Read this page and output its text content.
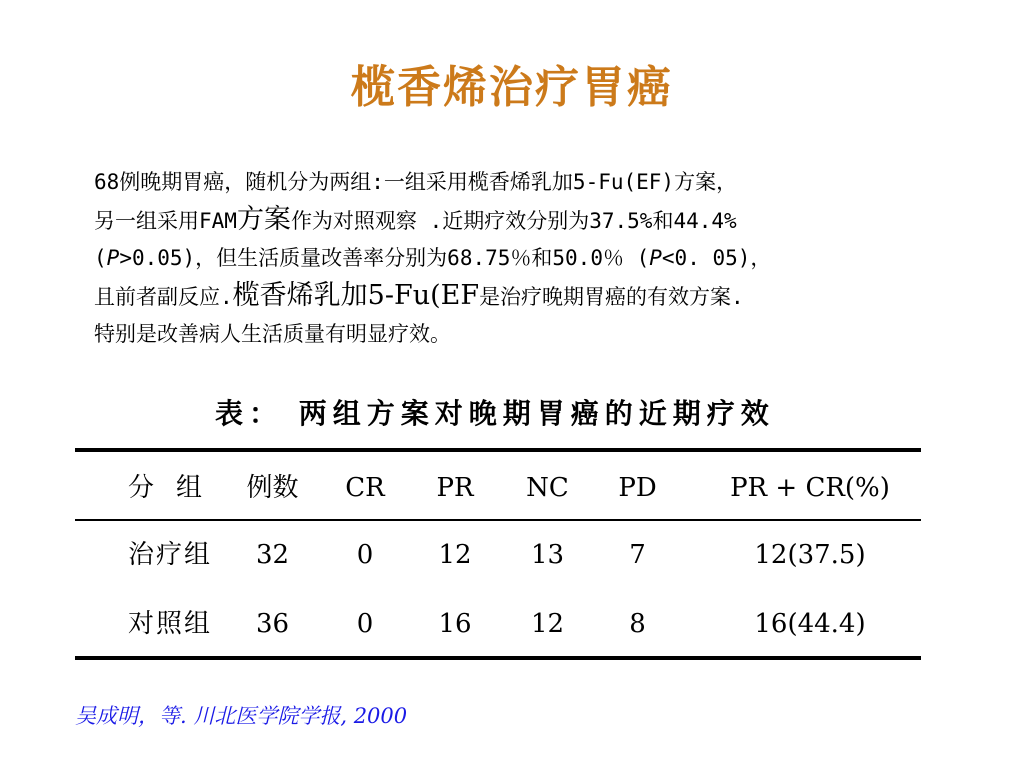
榄香烯治疗胃癌
68例晚期胃癌，随机分为两组:一组采用榄香烯乳加5-Fu(EF)方案，
另一组采用FAM方案作为对照观察 .近期疗效分别为37.5%和44.4%
(P>0.05)，但生活质量改善率分别为68.75％和50.0％ (P<0. 05)，
且前者副反应.榄香烯乳加5-Fu(EF是治疗晚期胃癌的有效方案.
特别是改善病人生活质量有明显疗效。
表： 两组方案对晚期胃癌的近期疗效
分组 例数	CR	PR	NC	PD	PR + CR(%)
治疗组	32	0	12	13	7	12(37.5)
对照组	36	0	16	12	8	16(44.4)
吴成明，等. 川北医学院学报, 2000
